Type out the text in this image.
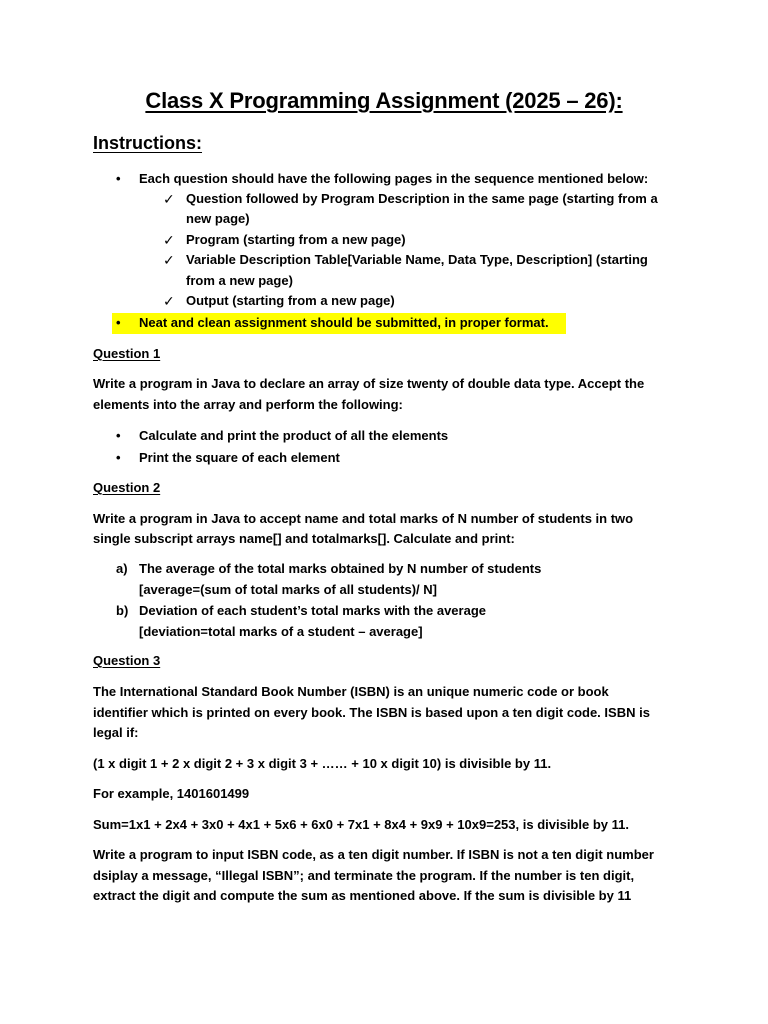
Class X Programming Assignment (2025 – 26):
Instructions:
• Each question should have the following pages in the sequence mentioned below:
✓ Question followed by Program Description in the same page (starting from a
new page)
✓ Program (starting from a new page)
✓ Variable Description Table[Variable Name, Data Type, Description] (starting
from a new page)
✓ Output (starting from a new page)
• Neat and clean assignment should be submitted, in proper format.
Question 1
Write a program in Java to declare an array of size twenty of double data type. Accept the
elements into the array and perform the following:
• Calculate and print the product of all the elements
• Print the square of each element
Question 2
Write a program in Java to accept name and total marks of N number of students in two
single subscript arrays name[] and totalmarks[]. Calculate and print:
a) The average of the total marks obtained by N number of students
[average=(sum of total marks of all students)/ N]
b) Deviation of each student’s total marks with the average
[deviation=total marks of a student – average]
Question 3
The International Standard Book Number (ISBN) is an unique numeric code or book
identifier which is printed on every book. The ISBN is based upon a ten digit code. ISBN is
legal if:
(1 x digit 1 + 2 x digit 2 + 3 x digit 3 + …… + 10 x digit 10) is divisible by 11.
For example, 1401601499
Sum=1x1 + 2x4 + 3x0 + 4x1 + 5x6 + 6x0 + 7x1 + 8x4 + 9x9 + 10x9=253, is divisible by 11.
Write a program to input ISBN code, as a ten digit number. If ISBN is not a ten digit number
dsiplay a message, “Illegal ISBN”; and terminate the program. If the number is ten digit,
extract the digit and compute the sum as mentioned above. If the sum is divisible by 11
